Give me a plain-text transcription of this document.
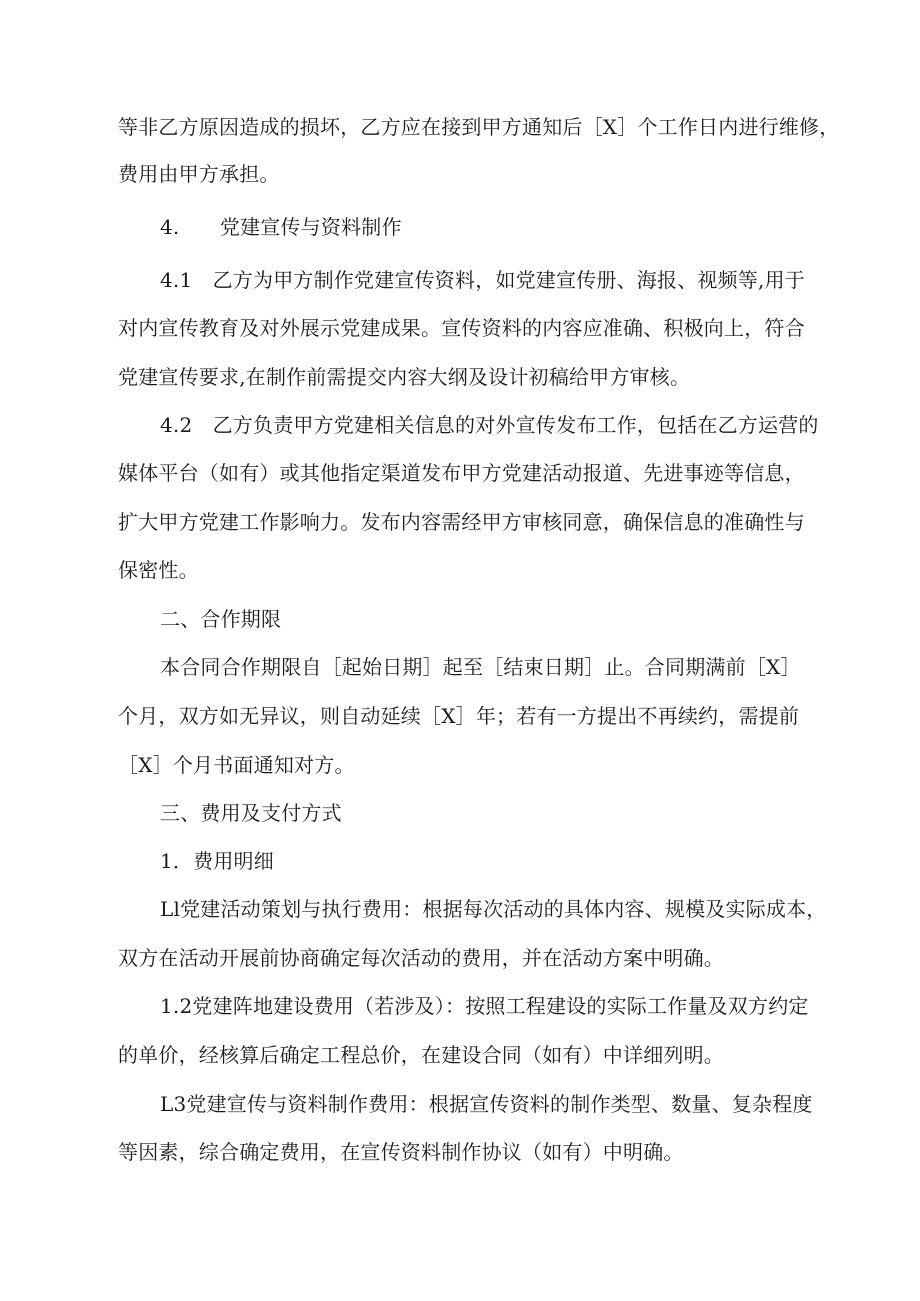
等非乙方原因造成的损坏，乙方应在接到甲方通知后［X］个工作日内进行维修，
费用由甲方承担。
4.　　党建宣传与资料制作
4.1　乙方为甲方制作党建宣传资料，如党建宣传册、海报、视频等,用于
对内宣传教育及对外展示党建成果。宣传资料的内容应准确、积极向上，符合
党建宣传要求,在制作前需提交内容大纲及设计初稿给甲方审核。
4.2　乙方负责甲方党建相关信息的对外宣传发布工作，包括在乙方运营的
媒体平台（如有）或其他指定渠道发布甲方党建活动报道、先进事迹等信息，
扩大甲方党建工作影响力。发布内容需经甲方审核同意，确保信息的准确性与
保密性。
二、合作期限
本合同合作期限自［起始日期］起至［结束日期］止。合同期满前［X］
个月，双方如无异议，则自动延续［X］年；若有一方提出不再续约，需提前
［X］个月书面通知对方。
三、费用及支付方式
1．费用明细
Ll党建活动策划与执行费用：根据每次活动的具体内容、规模及实际成本，
双方在活动开展前协商确定每次活动的费用，并在活动方案中明确。
1.2党建阵地建设费用（若涉及）：按照工程建设的实际工作量及双方约定
的单价，经核算后确定工程总价，在建设合同（如有）中详细列明。
L3党建宣传与资料制作费用：根据宣传资料的制作类型、数量、复杂程度
等因素，综合确定费用，在宣传资料制作协议（如有）中明确。
